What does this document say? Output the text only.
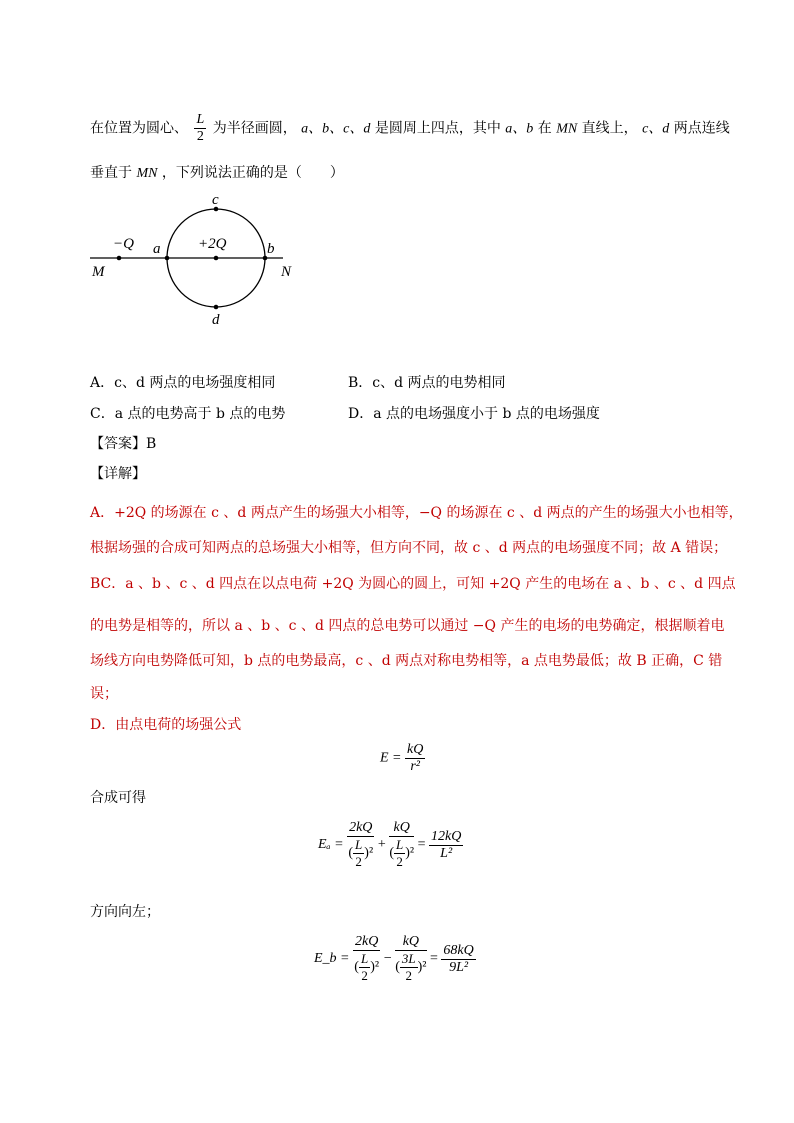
在位置为圆心、 $\frac{L}{2}$ 为半径画圆， a、b、c、d 是圆周上四点，其中 a、b 在 MN 直线上， c、d 两点连线
垂直于 MN ，下列说法正确的是（　　）
c
d
a	b
−Q	+2Q
M	N
A．c、d 两点的电场强度相同	B．c、d 两点的电势相同
C．a 点的电势高于 b 点的电势	D．a 点的电场强度小于 b 点的电场强度
【答案】B
【详解】
A．+2Q 的场源在 c 、d 两点产生的场强大小相等，−Q 的场源在 c 、d 两点的产生的场强大小也相等，
根据场强的合成可知两点的总场强大小相等，但方向不同，故 c 、d 两点的电场强度不同；故 A 错误；
BC．a 、b 、c 、d 四点在以点电荷 +2Q 为圆心的圆上，可知 +2Q 产生的电场在 a 、b 、c 、d 四点
的电势是相等的，所以 a 、b 、c 、d 四点的总电势可以通过 −Q 产生的电场的电势确定，根据顺着电
场线方向电势降低可知，b 点的电势最高，c 、d 两点对称电势相等，a 点电势最低；故 B 正确，C 错
误；
D．由点电荷的场强公式
$E = \frac{kQ}{\text{r²}}$
合成可得
$E_a = \frac{2kQ}{( \frac{L}{2} )^2} + \frac{kQ}{( \frac{L}{2} )^2} = \frac{12kQ}{\text{L²}}$
方向向左；
E_b = $\frac{2kQ}{( \frac{L}{2} )^2} - \frac{kQ}{( \frac{3L}{2} )^2} = \frac{68kQ}{\text{9L²}}$
